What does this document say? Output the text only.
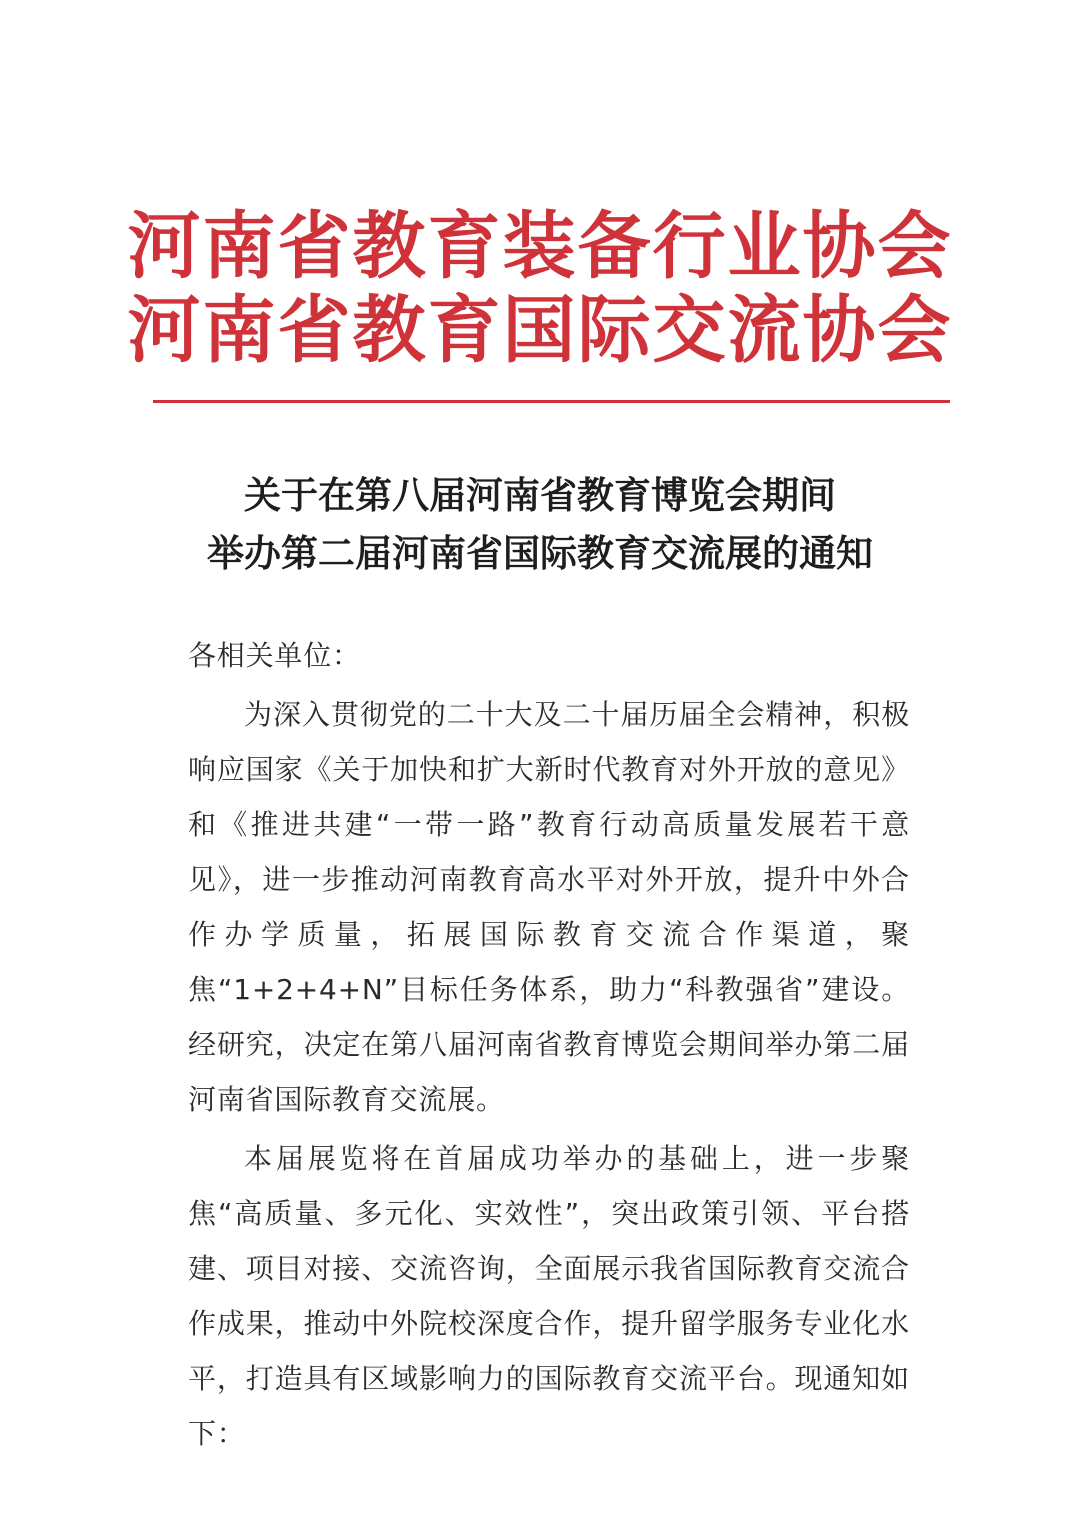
河南省教育装备行业协会
河南省教育国际交流协会
关于在第八届河南省教育博览会期间
举办第二届河南省国际教育交流展的通知

各相关单位：

为深入贯彻党的二十大及二十届历届全会精神，积极响应国家《关于加快和扩大新时代教育对外开放的意见》和《推进共建“一带一路”教育行动高质量发展若干意见》，进一步推动河南教育高水平对外开放，提升中外合作办学质量，拓展国际教育交流合作渠道，聚焦“1+2+4+N”目标任务体系，助力“科教强省”建设。经研究，决定在第八届河南省教育博览会期间举办第二届河南省国际教育交流展。

本届展览将在首届成功举办的基础上，进一步聚焦“高质量、多元化、实效性”，突出政策引领、平台搭建、项目对接、交流咨询，全面展示我省国际教育交流合作成果，推动中外院校深度合作，提升留学服务专业化水平，打造具有区域影响力的国际教育交流平台。现通知如下：
